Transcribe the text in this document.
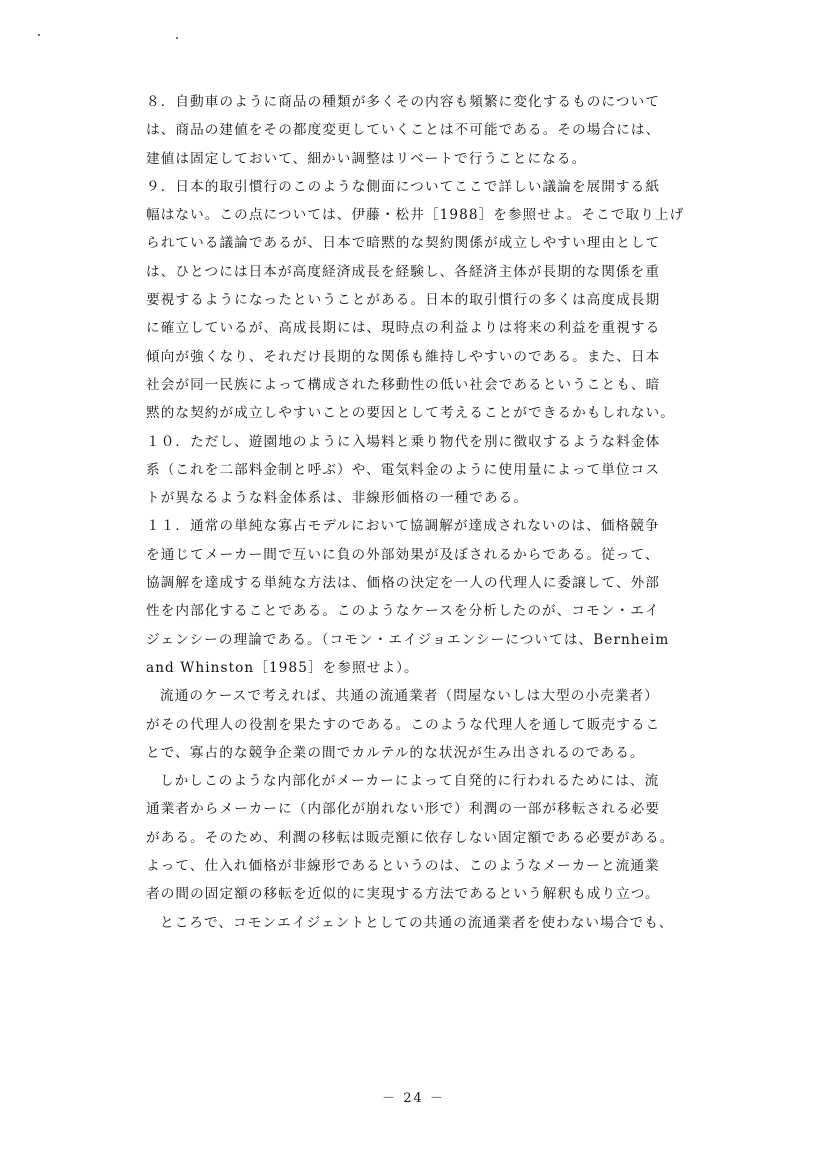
８．自動車のように商品の種類が多くその内容も頻繁に変化するものについて
は、商品の建値をその都度変更していくことは不可能である。その場合には、
建値は固定しておいて、細かい調整はリベートで行うことになる。
９．日本的取引慣行のこのような側面についてここで詳しい議論を展開する紙
幅はない。この点については、伊藤・松井［1988］を参照せよ。そこで取り上げ
られている議論であるが、日本で暗黙的な契約関係が成立しやすい理由として
は、ひとつには日本が高度経済成長を経験し、各経済主体が長期的な関係を重
要視するようになったということがある。日本的取引慣行の多くは高度成長期
に確立しているが、高成長期には、現時点の利益よりは将来の利益を重視する
傾向が強くなり、それだけ長期的な関係も維持しやすいのである。また、日本
社会が同一民族によって構成された移動性の低い社会であるということも、暗
黙的な契約が成立しやすいことの要因として考えることができるかもしれない。
１０．ただし、遊園地のように入場料と乗り物代を別に徴収するような料金体
系（これを二部料金制と呼ぶ）や、電気料金のように使用量によって単位コス
トが異なるような料金体系は、非線形価格の一種である。
１１．通常の単純な寡占モデルにおいて協調解が達成されないのは、価格競争
を通じてメーカー間で互いに負の外部効果が及ぼされるからである。従って、
協調解を達成する単純な方法は、価格の決定を一人の代理人に委譲して、外部
性を内部化することである。このようなケースを分析したのが、コモン・エイ
ジェンシーの理論である。（コモン・エイジョエンシーについては、Bernheim
and Whinston［1985］を参照せよ）。
流通のケースで考えれば、共通の流通業者（問屋ないしは大型の小売業者）
がその代理人の役割を果たすのである。このような代理人を通して販売するこ
とで、寡占的な競争企業の間でカルテル的な状況が生み出されるのである。
しかしこのような内部化がメーカーによって自発的に行われるためには、流
通業者からメーカーに（内部化が崩れない形で）利潤の一部が移転される必要
がある。そのため、利潤の移転は販売額に依存しない固定額である必要がある。
よって、仕入れ価格が非線形であるというのは、このようなメーカーと流通業
者の間の固定額の移転を近似的に実現する方法であるという解釈も成り立つ。
ところで、コモンエイジェントとしての共通の流通業者を使わない場合でも、
－ 24 －
